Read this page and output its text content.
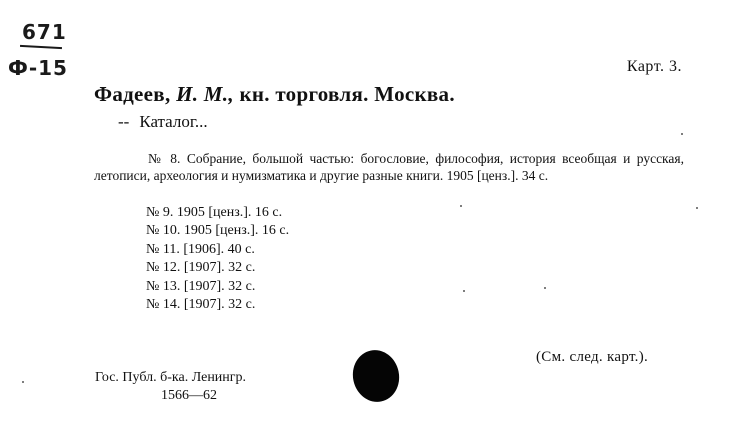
671
Ф-15	Карт. 3.
Фадеев, И. М., кн. торговля. Москва.
-- Каталог...

№ 8. Собрание, большой частью: богословие, философия, история всеобщая и русская, летописи, археология и нумизматика и другие разные книги. 1905 [ценз.]. 34 с.

№ 9. 1905 [ценз.]. 16 с.
№ 10. 1905 [ценз.]. 16 с.
№ 11. [1906]. 40 с.
№ 12. [1907]. 32 с.
№ 13. [1907]. 32 с.
№ 14. [1907]. 32 с.
(См. след. карт.).
Гос. Публ. б-ка. Ленингр.
1566—62
